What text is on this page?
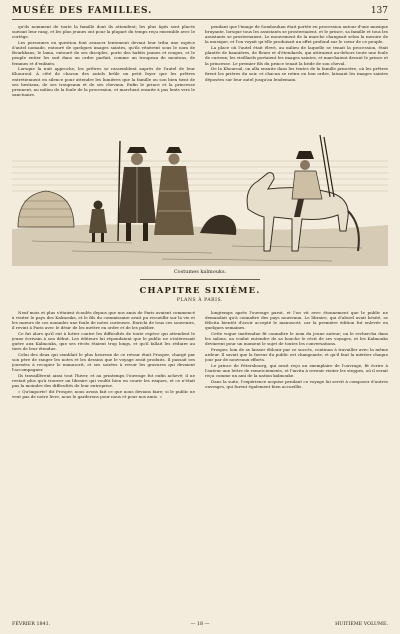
MUSÉE DES FAMILLES.	137

qu'ils nomment de toute la famille dont ils attendent; les plus âgés sont placés suivant leur rang, et les plus jeunes ont pour la plupart du temps reçu ensemble avec le cortège.

Les personnes en question font avancer lentement devant leur tribu une espèce d'autel nomade, entouré de quelques images saintes, qu'ils vénèrent sous le nom de Bourkhans; le lama, entouré de ses disciples, porte des habits jaunes et rouges, et le peuple entier les suit dans un ordre parfait, comme un troupeau de moutons, de femmes et d'enfants.

Lorsque la nuit approche, les prêtres se rassemblent auprès de l'autel de leur Khouroul. À côté de chacun des autels brûle un petit foyer que les prêtres entretiennent en silence pour attendre les lumières que la famille ou son bien tient de ses bestiaux, de ses troupeaux et de ses chevaux. Enfin le prince et la princesse prennent, au milieu de la foule de la procession, et marchent ensuite à pas lents vers le sanctuaire.

pendant que l'image de Sombouhan était portée en procession autour d'une musique bruyante, lorsque tous les assistants se prosternaient, et le prince, sa famille et tous les assistants se prosternaient. Le mouvement de la marche changeait selon la mesure de la musique, et l'on voyait qu'elle produisait un effet profond sur le cœur de ce peuple.

La place où l'autel était élevé, au milieu de laquelle se tenait la procession, était plantée de bannières, de fleurs et d'étendards, qui attiraient au-dehors toute une foule de curieux; les vieillards portaient les images saintes, et marchaient devant le prince et la princesse. Le premier fils du prince tenait la bride de son cheval.

De la Khouroul, on alla ensuite dans les tentes de la famille princière, où les prêtres firent les prières du soir, et chacun se retira en bon ordre, laissant les images saintes déposées sur leur autel jusqu'au lendemain.

Costumes kalmouks.
CHAPITRE SIXIÈME.
PLANS À PARIS.

Neuf mois et plus s'étaient écoulés depuis que nos amis de Paris avaient commencé à visiter le pays des Kalmouks, et le fils du commissaire avait pu recueillir sur la vie et les mœurs de ces nomades une foule de notes curieuses. Enrichi de tous ces souvenirs, il revint à Paris avec le désir de les mettre en ordre et de les publier.

Ce fut alors qu'il eut à lutter contre les difficultés de toute espèce qui attendent le jeune écrivain à son début. Les éditeurs lui répondaient que le public ne s'intéressait guère aux Kalmouks, que ses récits étaient trop longs, et qu'il fallait les réduire au tiers de leur étendue.

Celui des deux qui semblait le plus heureux de ce retour était Prosper, chargé par son père de ranger les notes et les dessins que le voyage avait produits. Il passait ses journées à recopier le manuscrit, et ses soirées à revoir les gravures qui devaient l'accompagner.

Ils travaillèrent ainsi tout l'hiver, et au printemps l'ouvrage fut enfin achevé; il ne restait plus qu'à trouver un libraire qui voulût bien en courir les risques, et ce n'était pas la moindre des difficultés de leur entreprise.

« Qu'importe! dit Prosper, nous avons fait ce que nous devions faire; si le public ne veut pas de notre livre, nous le garderons pour nous et pour nos amis. »

longtemps après l'ouvrage parut, et l'on vit avec étonnement que le public ne demandait qu'à connaître des pays nouveaux. Le libraire, qui d'abord avait hésité, se félicita bientôt d'avoir accepté le manuscrit, car la première édition fut enlevée en quelques semaines.

Cette vogue inattendue fit connaître le nom du jeune auteur; on le rechercha dans les salons, on voulut entendre de sa bouche le récit de ses voyages, et les Kalmouks devinrent pour un moment le sujet de toutes les conversations.

Prosper, loin de se laisser éblouir par ce succès, continua à travailler avec la même ardeur. Il savait que la faveur du public est changeante, et qu'il faut la mériter chaque jour par de nouveaux efforts.

Le prince de Pétersbourg, qui avait reçu un exemplaire de l'ouvrage, fit écrire à l'auteur une lettre de remerciements, et l'invita à revenir visiter les steppes, où il serait reçu comme un ami de la nation kalmouke.

Dans la suite, l'expérience acquise pendant ce voyage lui servit à composer d'autres ouvrages, qui furent également bien accueillis.

FÉVRIER 1841.	— 18 —	HUITIÈME VOLUME.
